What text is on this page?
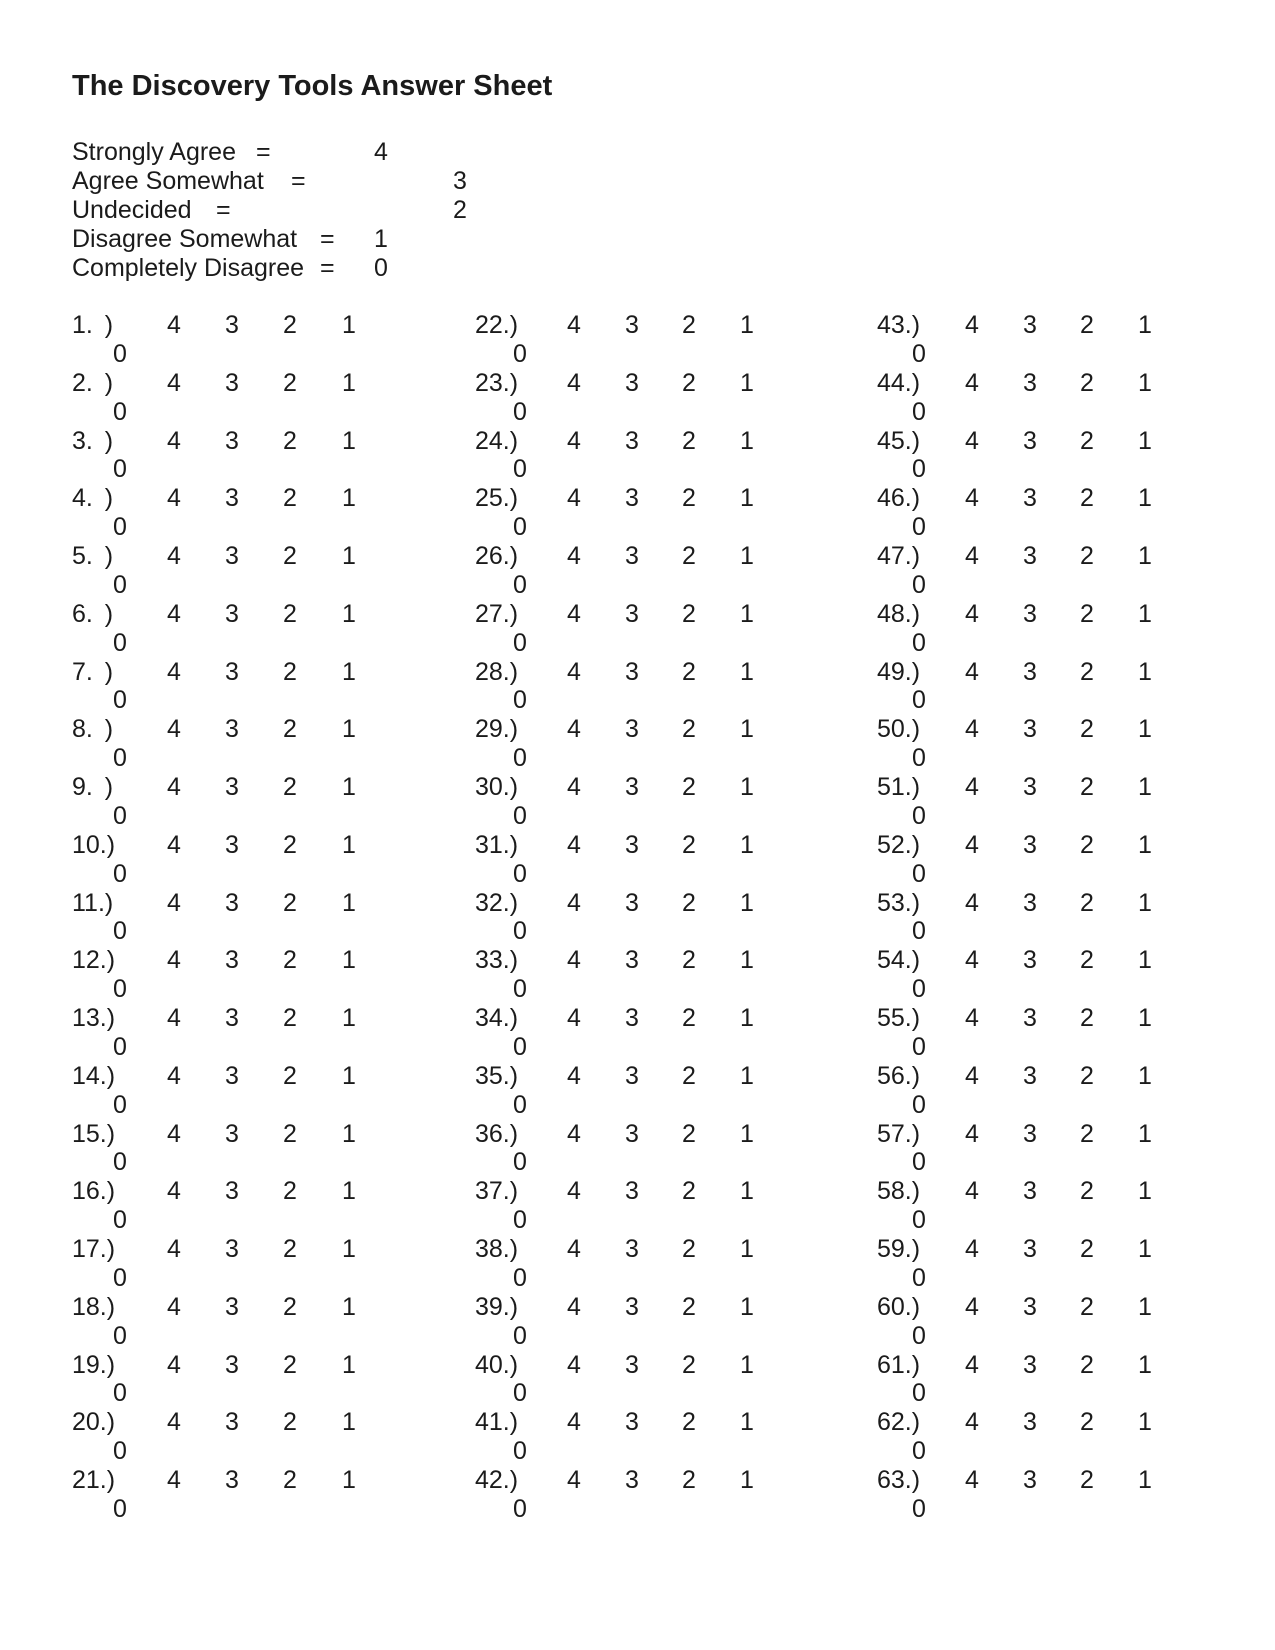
The Discovery Tools Answer Sheet
Strongly Agree =	4
Agree Somewhat =	3
Undecided =	2
Disagree Somewhat = 1
Completely Disagree = 0
1. ) 4 3 2 1
0
2. ) 4 3 2 1
0
3. ) 4 3 2 1
0
4. ) 4 3 2 1
0
5. ) 4 3 2 1
0
6. ) 4 3 2 1
0
7. ) 4 3 2 1
0
8. ) 4 3 2 1
0
9. ) 4 3 2 1
0
10.) 4 3 2 1
0
11.) 4 3 2 1
0
12.) 4 3 2 1
0
13.) 4 3 2 1
0
14.) 4 3 2 1
0
15.) 4 3 2 1
0
16.) 4 3 2 1
0
17.) 4 3 2 1
0
18.) 4 3 2 1
0
19.) 4 3 2 1
0
20.) 4 3 2 1
0
21.) 4 3 2 1
0
22.) 4 3 2 1
0
23.) 4 3 2 1
0
24.) 4 3 2 1
0
25.) 4 3 2 1
0
26.) 4 3 2 1
0
27.) 4 3 2 1
0
28.) 4 3 2 1
0
29.) 4 3 2 1
0
30.) 4 3 2 1
0
31.) 4 3 2 1
0
32.) 4 3 2 1
0
33.) 4 3 2 1
0
34.) 4 3 2 1
0
35.) 4 3 2 1
0
36.) 4 3 2 1
0
37.) 4 3 2 1
0
38.) 4 3 2 1
0
39.) 4 3 2 1
0
40.) 4 3 2 1
0
41.) 4 3 2 1
0
42.) 4 3 2 1
0
43.) 4 3 2 1
0
44.) 4 3 2 1
0
45.) 4 3 2 1
0
46.) 4 3 2 1
0
47.) 4 3 2 1
0
48.) 4 3 2 1
0
49.) 4 3 2 1
0
50.) 4 3 2 1
0
51.) 4 3 2 1
0
52.) 4 3 2 1
0
53.) 4 3 2 1
0
54.) 4 3 2 1
0
55.) 4 3 2 1
0
56.) 4 3 2 1
0
57.) 4 3 2 1
0
58.) 4 3 2 1
0
59.) 4 3 2 1
0
60.) 4 3 2 1
0
61.) 4 3 2 1
0
62.) 4 3 2 1
0
63.) 4 3 2 1
0
